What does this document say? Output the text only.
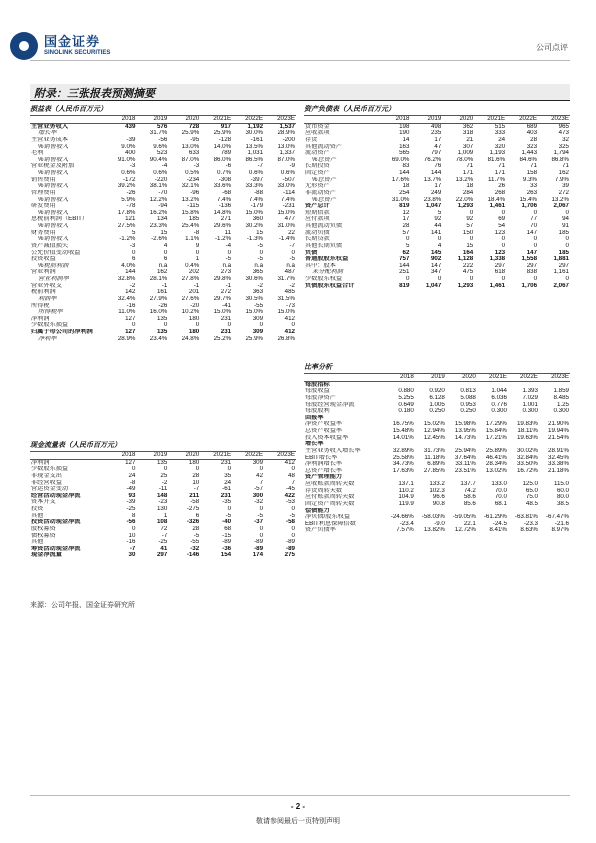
国金证券
SINOLINK SECURITIES
公司点评
附录：三张报表预测摘要
损益表（人民币百万元）
	2018	2019	2020	2021E	2022E	2023E
主营业务收入	439	576	728	917	1,192	1,537
增长率		31.7%	25.9%	25.9%	30.0%	28.9%
主营业务成本	-39	-56	-95	-128	-161	-200
%销售收入	9.0%	9.6%	13.0%	14.0%	13.5%	13.0%
毛利	400	523	633	789	1,031	1,337
%销售收入	91.0%	90.4%	87.0%	86.0%	86.5%	87.0%
营业税金及附加	-3	-4	-3	-6	-7	-9
%销售收入	0.6%	0.6%	0.5%	0.7%	0.6%	0.6%
销售费用	-172	-220	-234	-308	-397	-507
%销售收入	39.2%	38.1%	32.1%	33.6%	33.3%	33.0%
管理费用	-26	-70	-96	-68	-88	-114
%销售收入	5.9%	12.2%	13.2%	7.4%	7.4%	7.4%
研发费用	-78	-94	-115	-136	-179	-231
%销售收入	17.8%	16.2%	15.8%	14.8%	15.0%	15.0%
息税前利润（EBIT）	121	134	185	271	360	477
%销售收入	27.5%	23.3%	25.4%	29.6%	30.2%	31.0%
财务费用	5	15	-8	11	15	22
%销售收入	-1.2%	-2.6%	1.1%	-1.2%	-1.3%	-1.4%
资产减值损失	-3	4	9	-4	-5	-7
公允价值变动收益	0	0	0	0	0	0
投资收益	6	6	1	-5	-5	-5
%税前利润	4.0%	n.a	0.4%	n.a	n.a	n.a
营业利润	144	162	202	273	365	487
营业利润率	32.8%	28.1%	27.8%	29.8%	30.6%	31.7%
营业外收支	-2	-1	-1	-1	-2	-2
税前利润	142	161	201	272	363	485
利润率	32.4%	27.9%	27.6%	29.7%	30.5%	31.5%
所得税	-16	-26	-20	-41	-55	-73
所得税率	11.0%	16.0%	10.2%	15.0%	15.0%	15.0%
净利润	127	135	180	231	309	412
少数股东损益	0	0	0	0	0	0
归属于母公司的净利润	127	135	180	231	309	412
净利率	28.9%	23.4%	24.8%	25.2%	25.9%	26.8%
资产负债表（人民币百万元）
	2018	2019	2020	2021E	2022E	2023E
货币资金	198	498	362	515	689	965
应收款项	190	235	318	333	403	473
存货	14	17	21	24	28	32
其他流动资产	163	47	307	320	323	325
流动资产	565	797	1,009	1,193	1,443	1,794
%总资产	69.0%	76.2%	78.0%	81.6%	84.6%	86.8%
长期投资	83	76	71	71	71	71
固定资产	144	144	171	171	158	162
%总资产	17.6%	13.7%	13.2%	11.7%	9.3%	7.9%
无形资产	18	17	18	26	33	39
非流动资产	254	249	284	268	263	272
%总资产	31.0%	23.8%	22.0%	18.4%	15.4%	13.2%
资产总计	819	1,047	1,293	1,461	1,706	2,067
短期借款	12	5	0	0	0	0
应付款项	17	92	92	69	77	94
其他流动负债	28	44	57	54	70	91
流动负债	57	141	150	123	147	185
长期贷款	0	0	0	0	0	0
其他长期负债	5	4	15	0	0	0
负债	62	145	164	123	147	185
普通股股东权益	757	902	1,128	1,338	1,558	1,881
其中：股本	144	147	222	297	297	297
未分配利润	251	347	475	618	838	1,161
少数股东权益	0	0	0	0	0	0
负债股东权益合计	819	1,047	1,293	1,461	1,706	2,067
比率分析
	2018	2019	2020	2021E	2022E	2023E
每股指标						
每股收益	0.880	0.920	0.813	1.044	1.393	1.859
每股净资产	5.255	6.128	5.088	6.036	7.029	8.485
每股经营现金净流	0.649	1.005	0.953	0.776	1.001	1.25
每股股利	0.180	0.250	0.250	0.300	0.300	0.300
回报率						
净资产收益率	16.75%	15.02%	15.98%	17.29%	19.83%	21.90%
总资产收益率	15.48%	12.94%	13.95%	15.84%	18.11%	19.94%
投入资本收益率	14.01%	12.45%	14.73%	17.21%	19.63%	21.54%
增长率						
主营业务收入增长率	32.89%	31.73%	25.94%	25.89%	30.02%	28.91%
EBIT增长率	25.58%	11.18%	37.64%	46.41%	32.84%	32.45%
净利润增长率	34.73%	6.89%	33.11%	28.34%	33.50%	33.38%
总资产增长率	17.63%	27.85%	23.51%	13.02%	16.72%	21.18%
资产管理能力						
应收账款周转天数	137.1	133.2	137.7	133.0	125.0	115.0
存货周转天数	110.2	102.3	74.2	70.0	65.0	60.0
应付账款周转天数	104.9	96.6	58.6	70.0	75.0	80.0
固定资产周转天数	119.9	90.8	85.6	68.1	48.5	38.5
偿债能力						
净负债/股东权益	-24.66%	-58.03%	-59.05%	-61.29%	-63.81%	-67.47%
EBIT利息保障倍数	-23.4	-9.0	22.1	-24.5	-23.3	-21.6
资产负债率	7.57%	13.82%	12.72%	8.41%	8.63%	8.97%
现金流量表（人民币百万元）
	2018	2019	2020	2021E	2022E	2023E
净利润	127	135	180	231	309	412
少数股东损益	0	0	0	0	0	0
非现金支出	24	25	28	35	42	48
非经营收益	-8	-2	10	24	7	7
营运资金变动	-49	-11	-7	-61	-57	-45
经营活动现金净流	93	148	211	231	300	422
资本开支	-39	-23	-58	-35	-32	-53
投资	-25	130	-275	0	0	0
其他	8	1	6	-5	-5	-5
投资活动现金净流	-56	108	-326	-40	-37	-58
股权募资	0	72	28	68	0	0
债权募资	10	-7	-5	-15	0	0
其他	-16	-25	-55	-89	-89	-89
筹资活动现金净流	-7	41	-32	-36	-89	-89
现金净流量	30	297	-146	154	174	275
来源：公司年报、国金证券研究所
- 2 -
敬请参阅最后一页特别声明
